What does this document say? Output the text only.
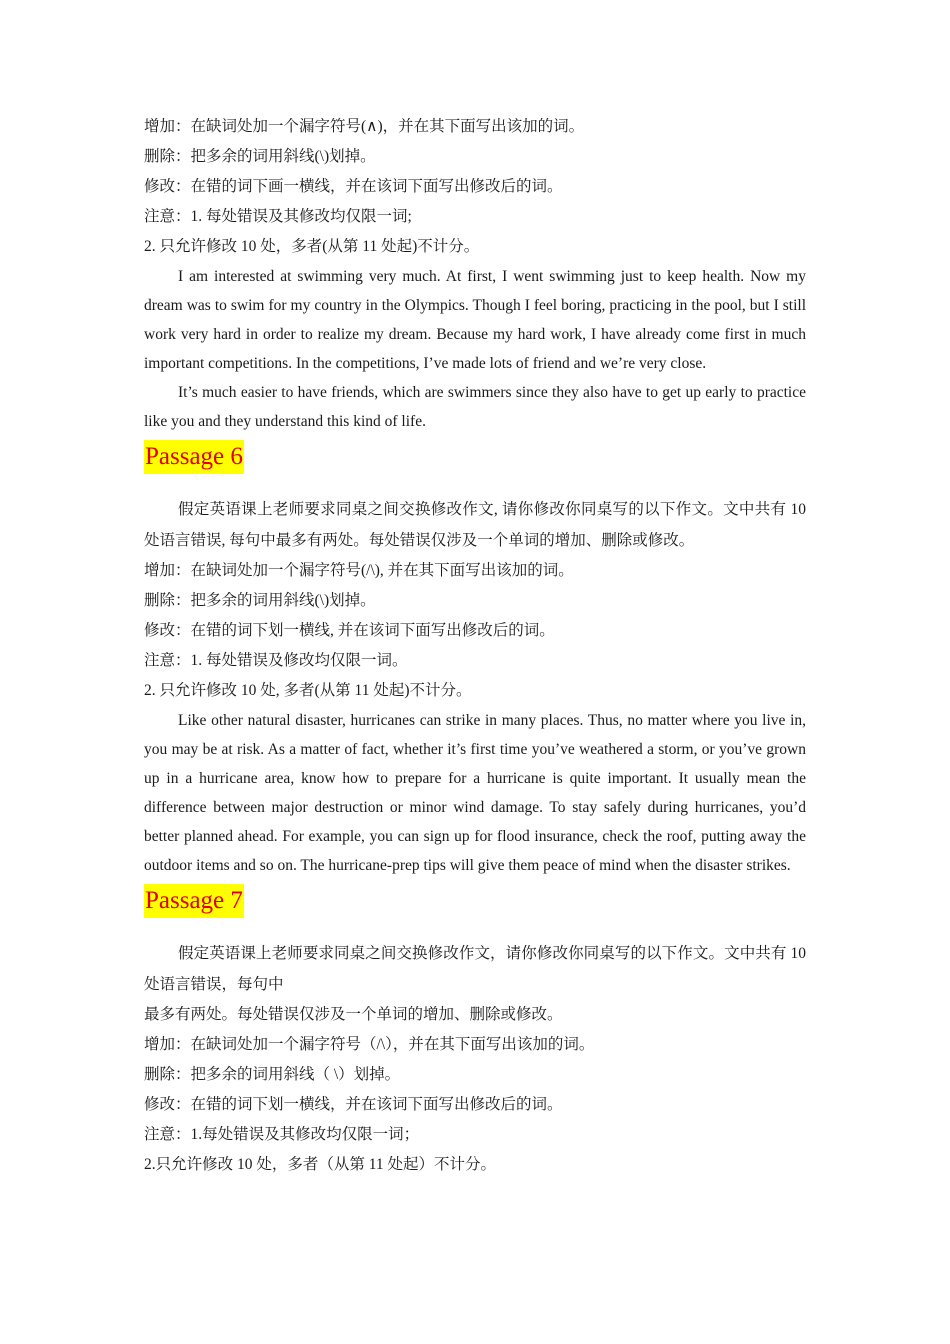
增加：在缺词处加一个漏字符号(∧)，并在其下面写出该加的词。
删除：把多余的词用斜线(\)划掉。
修改：在错的词下画一横线，并在该词下面写出修改后的词。
注意：1. 每处错误及其修改均仅限一词;
2. 只允许修改 10 处，多者(从第 11 处起)不计分。

I am interested at swimming very much. At first, I went swimming just to keep health. Now my dream was to swim for my country in the Olympics. Though I feel boring, practicing in the pool, but I still work very hard in order to realize my dream. Because my hard work, I have already come first in much important competitions. In the competitions, I’ve made lots of friend and we’re very close.

It’s much easier to have friends, which are swimmers since they also have to get up early to practice like you and they understand this kind of life.

Passage 6

假定英语课上老师要求同桌之间交换修改作文, 请你修改你同桌写的以下作文。文中共有 10 处语言错误, 每句中最多有两处。每处错误仅涉及一个单词的增加、删除或修改。

增加：在缺词处加一个漏字符号(/\), 并在其下面写出该加的词。

删除：把多余的词用斜线(\)划掉。

修改：在错的词下划一横线, 并在该词下面写出修改后的词。

注意：1. 每处错误及修改均仅限一词。

2. 只允许修改 10 处, 多者(从第 11 处起)不计分。

Like other natural disaster, hurricanes can strike in many places. Thus, no matter where you live in, you may be at risk. As a matter of fact, whether it’s first time you’ve weathered a storm, or you’ve grown up in a hurricane area, know how to prepare for a hurricane is quite important. It usually mean the difference between major destruction or minor wind damage. To stay safely during hurricanes, you’d better planned ahead. For example, you can sign up for flood insurance, check the roof, putting away the outdoor items and so on. The hurricane-prep tips will give them peace of mind when the disaster strikes.

Passage 7

假定英语课上老师要求同桌之间交换修改作文，请你修改你同桌写的以下作文。文中共有 10 处语言错误，每句中

最多有两处。每处错误仅涉及一个单词的增加、删除或修改。

增加：在缺词处加一个漏字符号（/\），并在其下面写出该加的词。

删除：把多余的词用斜线（ \）划掉。

修改：在错的词下划一横线，并在该词下面写出修改后的词。

注意：1.每处错误及其修改均仅限一词；

2.只允许修改 10 处，多者（从第 11 处起）不计分。
